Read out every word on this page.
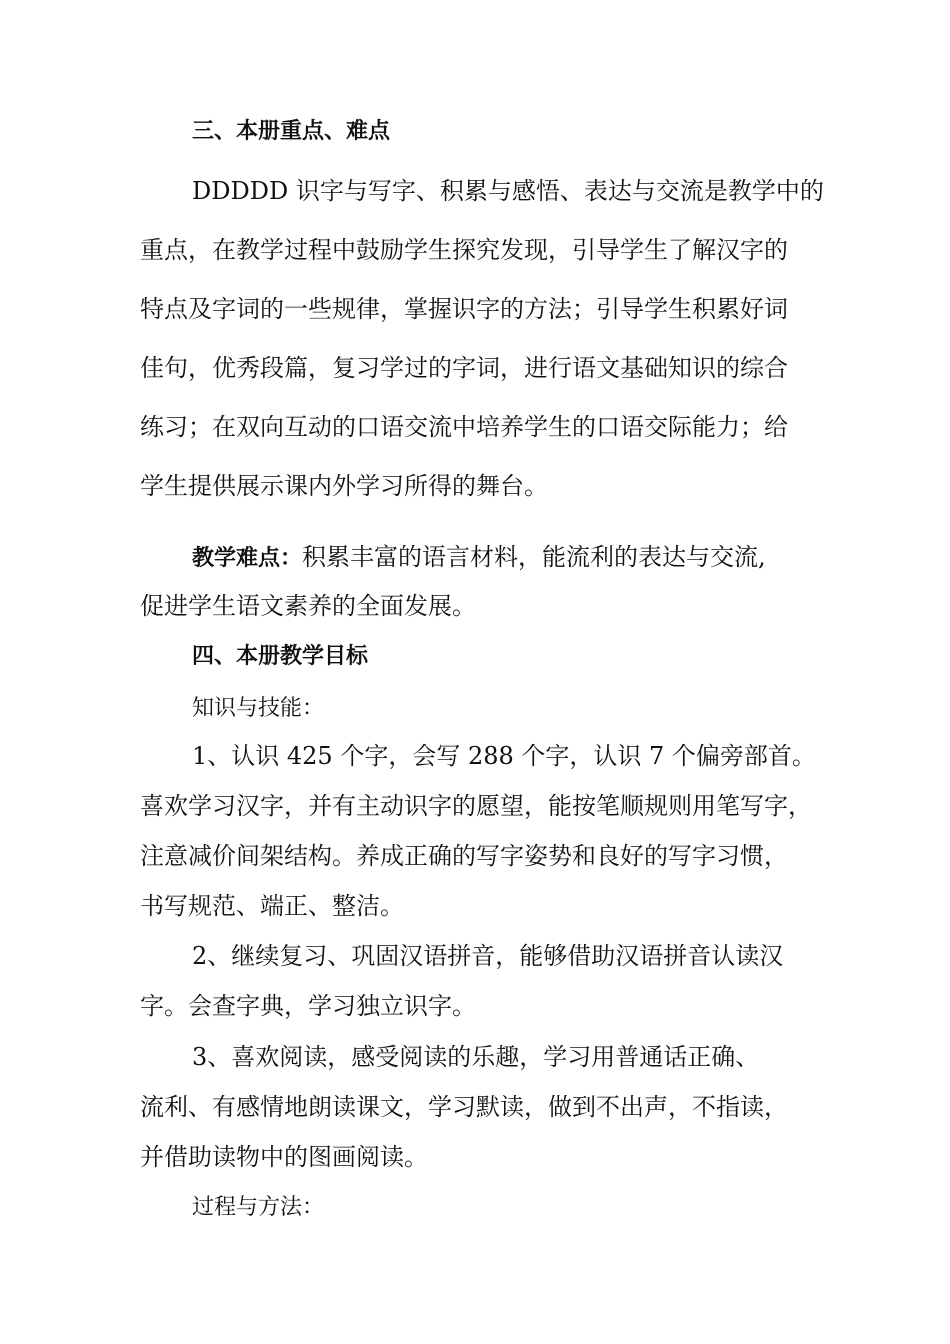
三、本册重点、难点
DDDDD 识字与写字、积累与感悟、表达与交流是教学中的
重点，在教学过程中鼓励学生探究发现，引导学生了解汉字的
特点及字词的一些规律，掌握识字的方法；引导学生积累好词
佳句，优秀段篇，复习学过的字词，进行语文基础知识的综合
练习；在双向互动的口语交流中培养学生的口语交际能力；给
学生提供展示课内外学习所得的舞台。
教学难点：积累丰富的语言材料，能流利的表达与交流,
促进学生语文素养的全面发展。
四、本册教学目标
知识与技能：
1、认识 425 个字，会写 288 个字，认识 7 个偏旁部首。
喜欢学习汉字，并有主动识字的愿望，能按笔顺规则用笔写字，
注意减价间架结构。养成正确的写字姿势和良好的写字习惯，
书写规范、端正、整洁。
2、继续复习、巩固汉语拼音，能够借助汉语拼音认读汉
字。会查字典，学习独立识字。
3、喜欢阅读，感受阅读的乐趣，学习用普通话正确、
流利、有感情地朗读课文，学习默读，做到不出声，不指读，
并借助读物中的图画阅读。
过程与方法：
